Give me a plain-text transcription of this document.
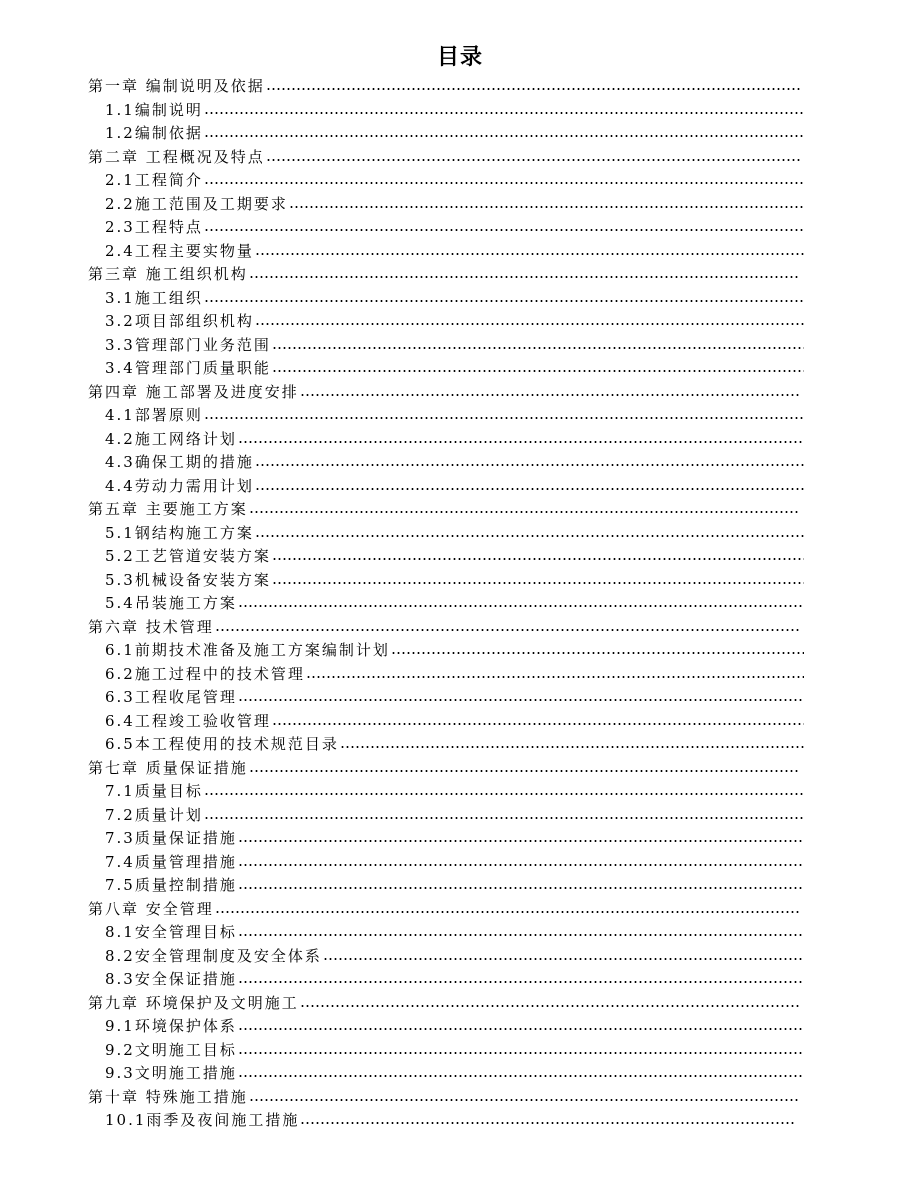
目录
第一章 编制说明及依据
1.1编制说明
1.2编制依据
第二章 工程概况及特点
2.1工程简介
2.2施工范围及工期要求
2.3工程特点
2.4工程主要实物量
第三章 施工组织机构
3.1施工组织
3.2项目部组织机构
3.3管理部门业务范围
3.4管理部门质量职能
第四章 施工部署及进度安排
4.1部署原则
4.2施工网络计划
4.3确保工期的措施
4.4劳动力需用计划
第五章 主要施工方案
5.1钢结构施工方案
5.2工艺管道安装方案
5.3机械设备安装方案
5.4吊装施工方案
第六章 技术管理
6.1前期技术准备及施工方案编制计划
6.2施工过程中的技术管理
6.3工程收尾管理
6.4工程竣工验收管理
6.5本工程使用的技术规范目录
第七章 质量保证措施
7.1质量目标
7.2质量计划
7.3质量保证措施
7.4质量管理措施
7.5质量控制措施
第八章 安全管理
8.1安全管理目标
8.2安全管理制度及安全体系
8.3安全保证措施
第九章 环境保护及文明施工
9.1环境保护体系
9.2文明施工目标
9.3文明施工措施
第十章 特殊施工措施
10.1雨季及夜间施工措施
